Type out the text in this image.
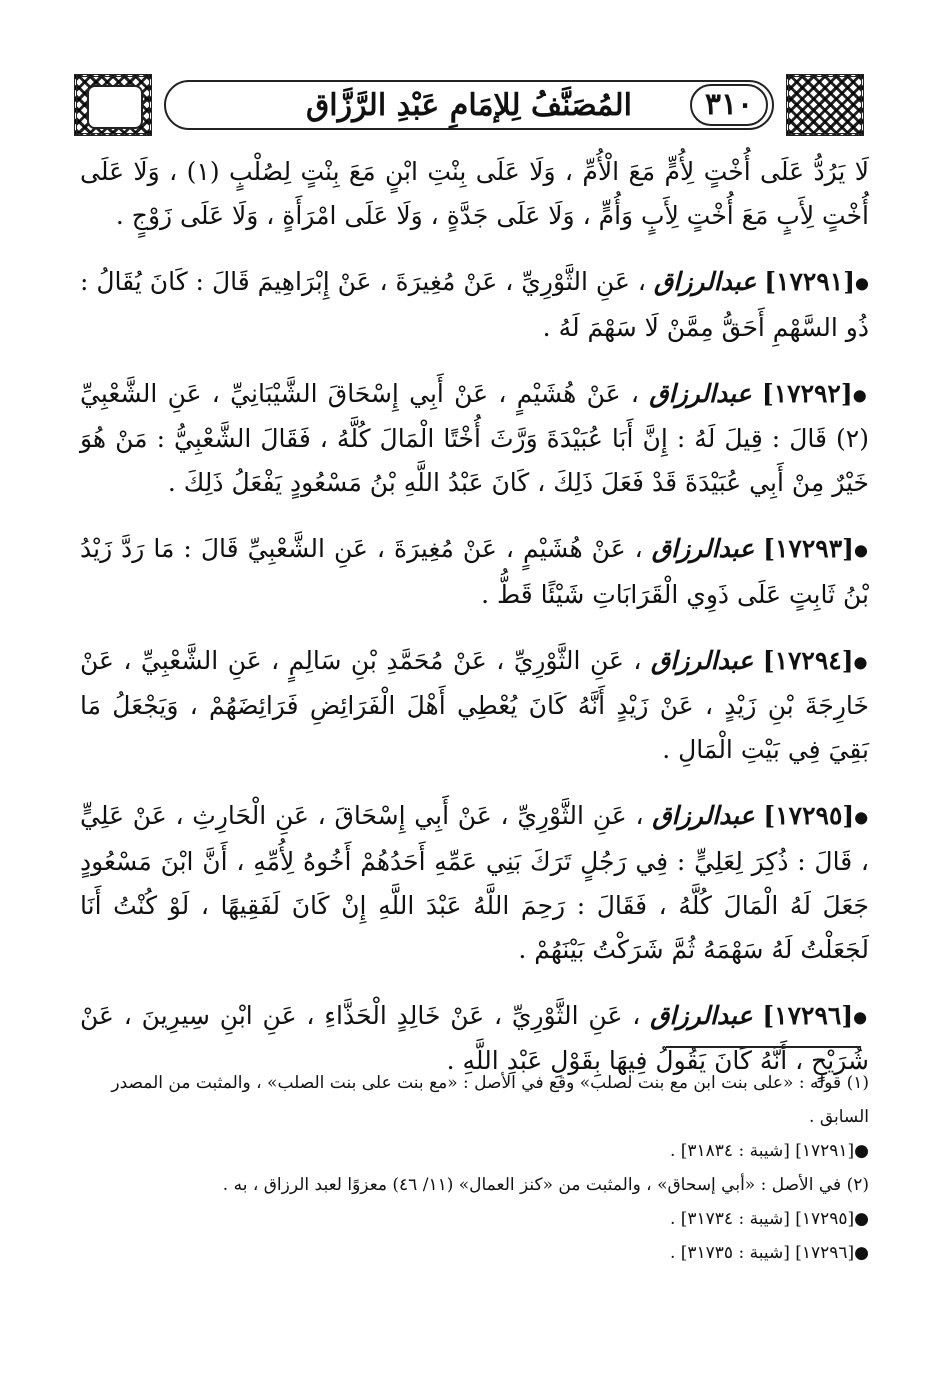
المُصَنَّفُ لِلإمَامِ عَبْدِ الرَّزَّاق	٣١٠

لَا يَرُدُّ عَلَى أُخْتٍ لِأُمٍّ مَعَ الْأُمِّ ، وَلَا عَلَى بِنْتِ ابْنٍ مَعَ بِنْتٍ لِصُلْبٍ (١) ، وَلَا عَلَى أُخْتٍ لِأَبٍ مَعَ أُخْتٍ لِأَبٍ وَأُمٍّ ، وَلَا عَلَى جَدَّةٍ ، وَلَا عَلَى امْرَأَةٍ ، وَلَا عَلَى زَوْجٍ .

●[١٧٢٩١] عبدالرزاق ، عَنِ الثَّوْرِيِّ ، عَنْ مُغِيرَةَ ، عَنْ إِبْرَاهِيمَ قَالَ : كَانَ يُقَالُ : ذُو السَّهْمِ أَحَقُّ مِمَّنْ لَا سَهْمَ لَهُ .

●[١٧٢٩٢] عبدالرزاق ، عَنْ هُشَيْمٍ ، عَنْ أَبِي إِسْحَاقَ الشَّيْبَانِيِّ ، عَنِ الشَّعْبِيِّ (٢) قَالَ : قِيلَ لَهُ : إِنَّ أَبَا عُبَيْدَةَ وَرَّثَ أُخْتًا الْمَالَ كُلَّهُ ، فَقَالَ الشَّعْبِيُّ : مَنْ هُوَ خَيْرٌ مِنْ أَبِي عُبَيْدَةَ قَدْ فَعَلَ ذَلِكَ ، كَانَ عَبْدُ اللَّهِ بْنُ مَسْعُودٍ يَفْعَلُ ذَلِكَ .

●[١٧٢٩٣] عبدالرزاق ، عَنْ هُشَيْمٍ ، عَنْ مُغِيرَةَ ، عَنِ الشَّعْبِيِّ قَالَ : مَا رَدَّ زَيْدُ بْنُ ثَابِتٍ عَلَى ذَوِي الْقَرَابَاتِ شَيْئًا قَطُّ .

●[١٧٢٩٤] عبدالرزاق ، عَنِ الثَّوْرِيِّ ، عَنْ مُحَمَّدِ بْنِ سَالِمٍ ، عَنِ الشَّعْبِيِّ ، عَنْ خَارِجَةَ بْنِ زَيْدٍ ، عَنْ زَيْدٍ أَنَّهُ كَانَ يُعْطِي أَهْلَ الْفَرَائِضِ فَرَائِضَهُمْ ، وَيَجْعَلُ مَا بَقِيَ فِي بَيْتِ الْمَالِ .

●[١٧٢٩٥] عبدالرزاق ، عَنِ الثَّوْرِيِّ ، عَنْ أَبِي إِسْحَاقَ ، عَنِ الْحَارِثِ ، عَنْ عَلِيٍّ ، قَالَ : ذُكِرَ لِعَلِيٍّ : فِي رَجُلٍ تَرَكَ بَنِي عَمِّهِ أَحَدُهُمْ أَخُوهُ لِأُمِّهِ ، أَنَّ ابْنَ مَسْعُودٍ جَعَلَ لَهُ الْمَالَ كُلَّهُ ، فَقَالَ : رَحِمَ اللَّهُ عَبْدَ اللَّهِ إِنْ كَانَ لَفَقِيهًا ، لَوْ كُنْتُ أَنَا لَجَعَلْتُ لَهُ سَهْمَهُ ثُمَّ شَرَكْتُ بَيْنَهُمْ .

●[١٧٢٩٦] عبدالرزاق ، عَنِ الثَّوْرِيِّ ، عَنْ خَالِدٍ الْحَذَّاءِ ، عَنِ ابْنِ سِيرِينَ ، عَنْ شُرَيْحٍ ، أَنَّهُ كَانَ يَقُولُ فِيهَا بِقَوْلِ عَبْدِ اللَّهِ .

(١) قوله : «على بنت ابن مع بنت لصلب» وقع في الأصل : «مع بنت على بنت الصلب» ، والمثبت من المصدر السابق .

●[١٧٢٩١] [شيبة : ٣١٨٣٤] .

(٢) في الأصل : «أبي إسحاق» ، والمثبت من «كنز العمال» (١١/ ٤٦) معزوًا لعبد الرزاق ، به .

●[١٧٢٩٥] [شيبة : ٣١٧٣٤] .

●[١٧٢٩٦] [شيبة : ٣١٧٣٥] .
